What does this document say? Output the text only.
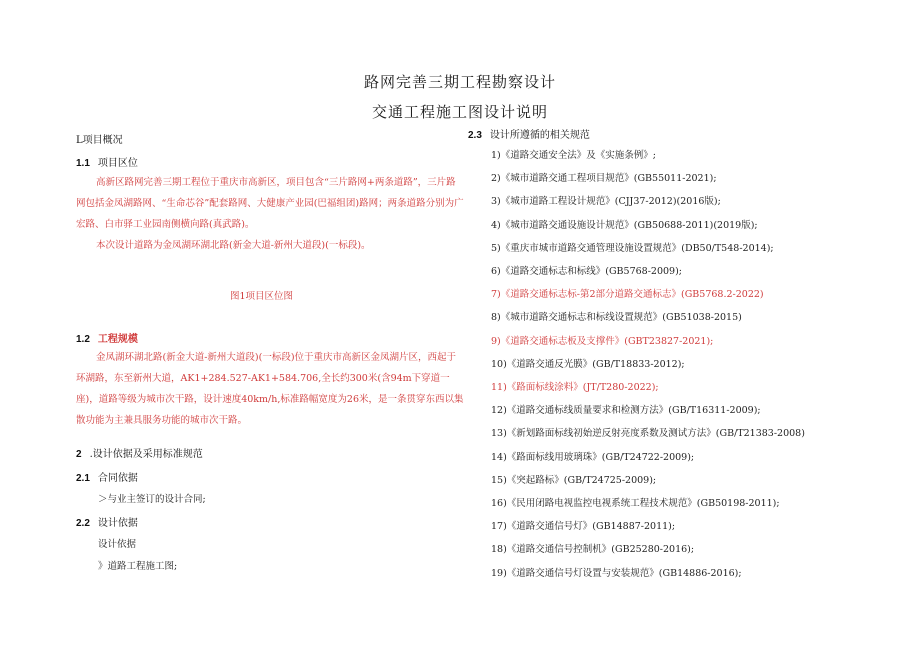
路网完善三期工程勘察设计
交通工程施工图设计说明
L项目概况
1.1 项目区位

高新区路网完善三期工程位于重庆市高新区，项目包含“三片路网+两条道路”，三片路网包括金凤湖路网、“生命芯谷”配套路网、大健康产业园(巴福组团)路网；两条道路分别为广宏路、白市驿工业园南侧横向路(真武路)。

本次设计道路为金凤湖环湖北路(新金大道-新州大道段)(一标段)。

图1项目区位图
1.2 工程规模

金凤湖环湖北路(新金大道-新州大道段)(一标段)位于重庆市高新区金凤湖片区，西起于环湖路，东至新州大道，AK1+284.527-AK1+584.706,全长约300米(含94m下穿道一座)，道路等级为城市次干路，设计速度40km/h,标准路幅宽度为26米，是一条贯穿东西以集散功能为主兼具服务功能的城市次干路。

2 .设计依据及采用标准规范
2.1 合同依据
＞与业主签订的设计合同;
2.2 设计依据
设计依据
》道路工程施工图;
2.3 设计所遵循的相关规范
1)《道路交通安全法》及《实施条例》;
2)《城市道路交通工程项目规范》(GB55011-2021);
3)《城市道路工程设计规范》(CJJ37-2012)(2016版);
4)《城市道路交通设施设计规范》(GB50688-2011)(2019版);
5)《重庆市城市道路交通管理设施设置规范》(DB50/T548-2014);
6)《道路交通标志和标线》(GB5768-2009);
7)《道路交通标志标-第2部分道路交通标志》(GB5768.2-2022)
8)《城市道路交通标志和标线设置规范》(GB51038-2015)
9)《道路交通标志板及支撑件》(GBT23827-2021);
10)《道路交通反光膜》(GB/T18833-2012);
11)《路面标线涂料》(JT/T280-2022);
12)《道路交通标线质量要求和检测方法》(GB/T16311-2009);
13)《新划路面标线初始逆反射亮度系数及测试方法》(GB/T21383-2008)
14)《路面标线用玻璃珠》(GB/T24722-2009);
15)《突起路标》(GB/T24725-2009);
16)《民用闭路电视监控电视系统工程技术规范》(GB50198-2011);
17)《道路交通信号灯》(GB14887-2011);
18)《道路交通信号控制机》(GB25280-2016);
19)《道路交通信号灯设置与安装规范》(GB14886-2016);
